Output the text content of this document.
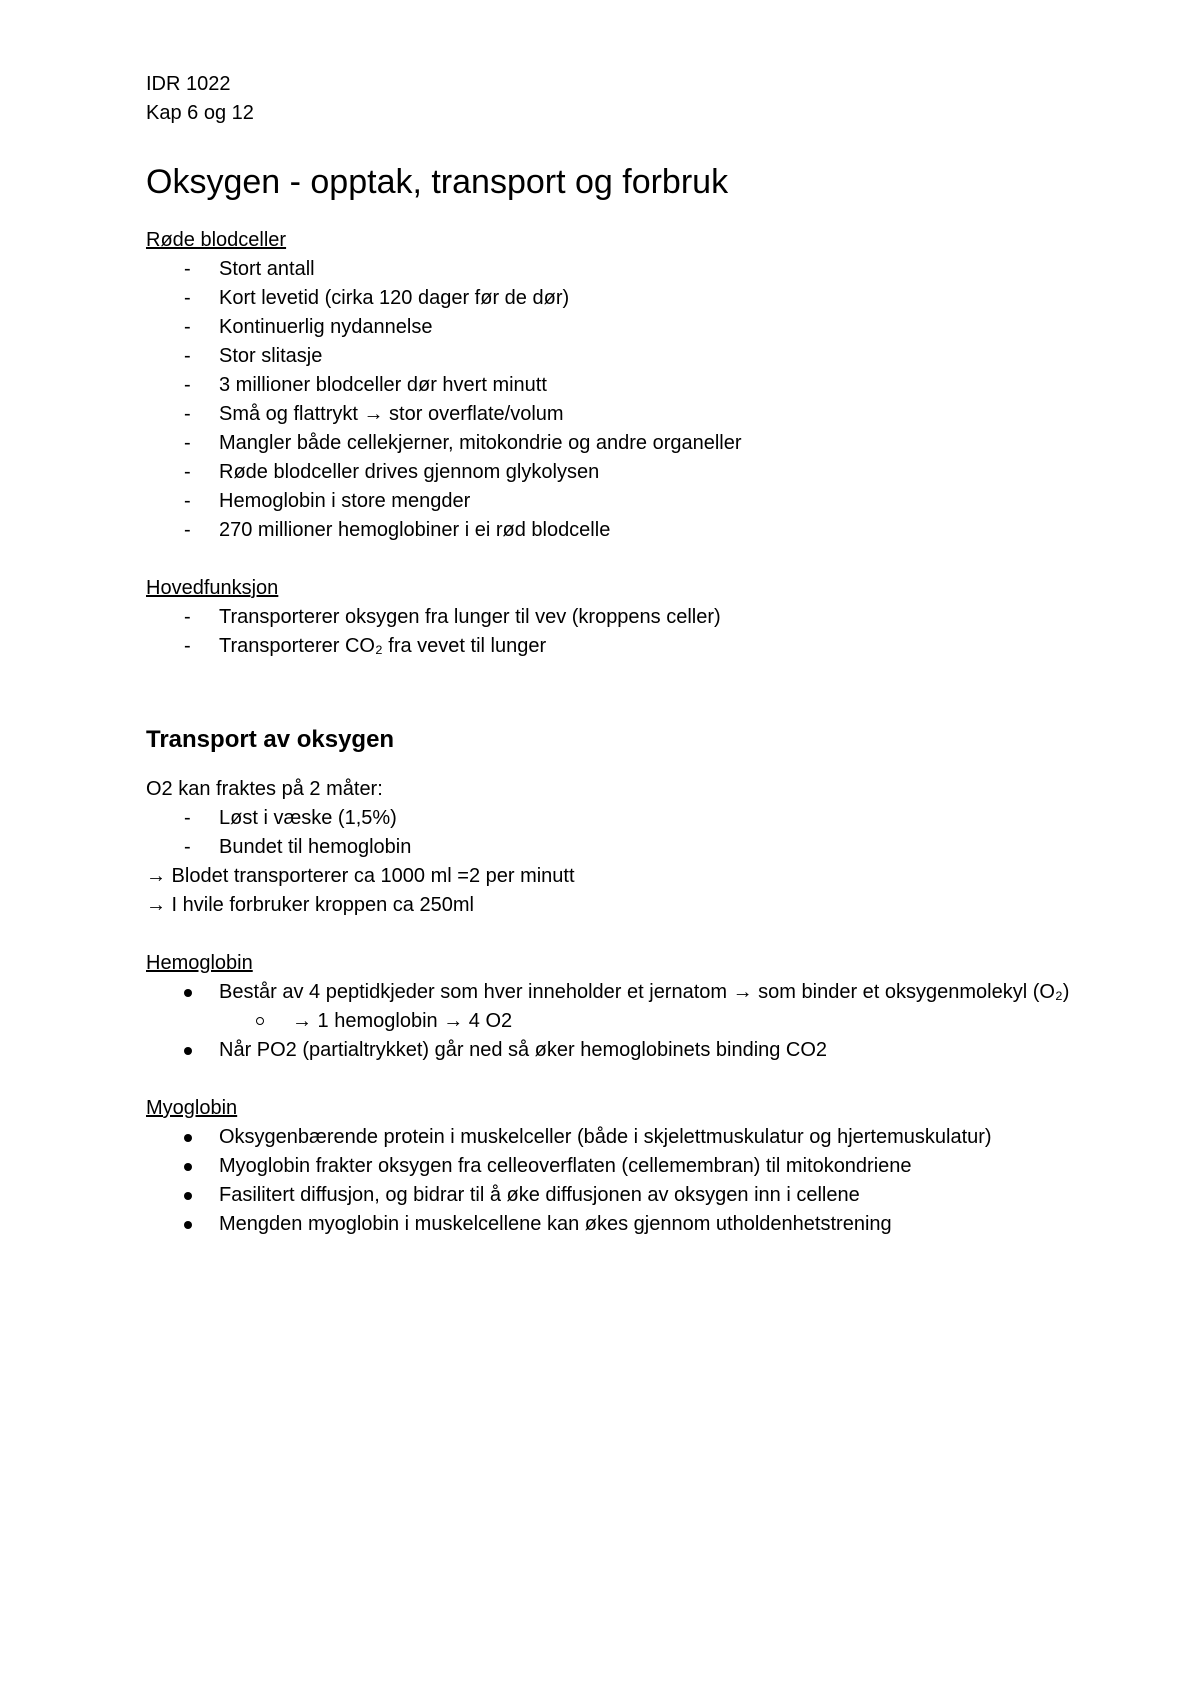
IDR 1022

Kap 6 og 12

Oksygen - opptak, transport og forbruk

Røde blodceller

- Stort antall
- Kort levetid (cirka 120 dager før de dør)
- Kontinuerlig nydannelse
- Stor slitasje
- 3 millioner blodceller dør hvert minutt
- Små og flattrykt → stor overflate/volum
- Mangler både cellekjerner, mitokondrie og andre organeller
- Røde blodceller drives gjennom glykolysen
- Hemoglobin i store mengder
- 270 millioner hemoglobiner i ei rød blodcelle

Hovedfunksjon

- Transporterer oksygen fra lunger til vev (kroppens celler)
- Transporterer CO₂ fra vevet til lunger
Transport av oksygen

O2 kan fraktes på 2 måter:

- Løst i væske (1,5%)
- Bundet til hemoglobin

→ Blodet transporterer ca 1000 ml =2 per minutt

→ I hvile forbruker kroppen ca 250ml

Hemoglobin

Består av 4 peptidkjeder som hver inneholder et jernatom → som binder et oksygenmolekyl (O₂)
→ 1 hemoglobin → 4 O2
Når PO2 (partialtrykket) går ned så øker hemoglobinets binding CO2

Myoglobin

Oksygenbærende protein i muskelceller (både i skjelettmuskulatur og hjertemuskulatur)
Myoglobin frakter oksygen fra celleoverflaten (cellemembran) til mitokondriene
Fasilitert diffusjon, og bidrar til å øke diffusjonen av oksygen inn i cellene
Mengden myoglobin i muskelcellene kan økes gjennom utholdenhetstrening
